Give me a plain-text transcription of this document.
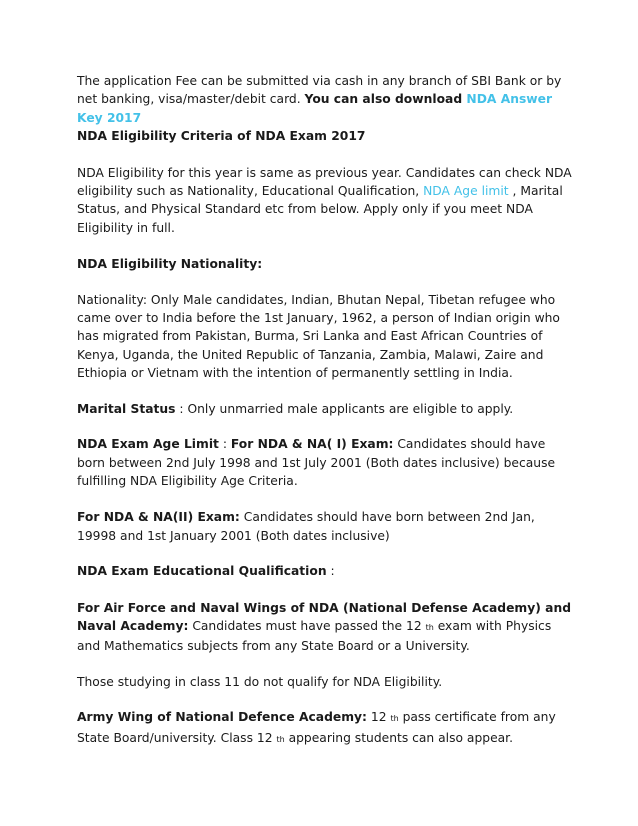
The application Fee can be submitted via cash in any branch of SBI Bank or by net banking, visa/master/debit card. You can also download NDA Answer Key 2017

NDA Eligibility Criteria of NDA Exam 2017

NDA Eligibility for this year is same as previous year. Candidates can check NDA eligibility such as Nationality, Educational Qualification, NDA Age limit , Marital Status, and Physical Standard etc from below. Apply only if you meet NDA Eligibility in full.

NDA Eligibility Nationality:

Nationality: Only Male candidates, Indian, Bhutan Nepal, Tibetan refugee who came over to India before the 1st January, 1962, a person of Indian origin who has migrated from Pakistan, Burma, Sri Lanka and East African Countries of Kenya, Uganda, the United Republic of Tanzania, Zambia, Malawi, Zaire and Ethiopia or Vietnam with the intention of permanently settling in India.

Marital Status : Only unmarried male applicants are eligible to apply.

NDA Exam Age Limit : For NDA & NA( I) Exam: Candidates should have born between 2nd July 1998 and 1st July 2001 (Both dates inclusive) because fulfilling NDA Eligibility Age Criteria.

For NDA & NA(II) Exam: Candidates should have born between 2nd Jan, 19998 and 1st January 2001 (Both dates inclusive)

NDA Exam Educational Qualification :

For Air Force and Naval Wings of NDA (National Defense Academy) and Naval Academy: Candidates must have passed the 12 th exam with Physics and Mathematics subjects from any State Board or a University.

Those studying in class 11 do not qualify for NDA Eligibility.

Army Wing of National Defence Academy: 12 th pass certificate from any State Board/university. Class 12 th appearing students can also appear.
